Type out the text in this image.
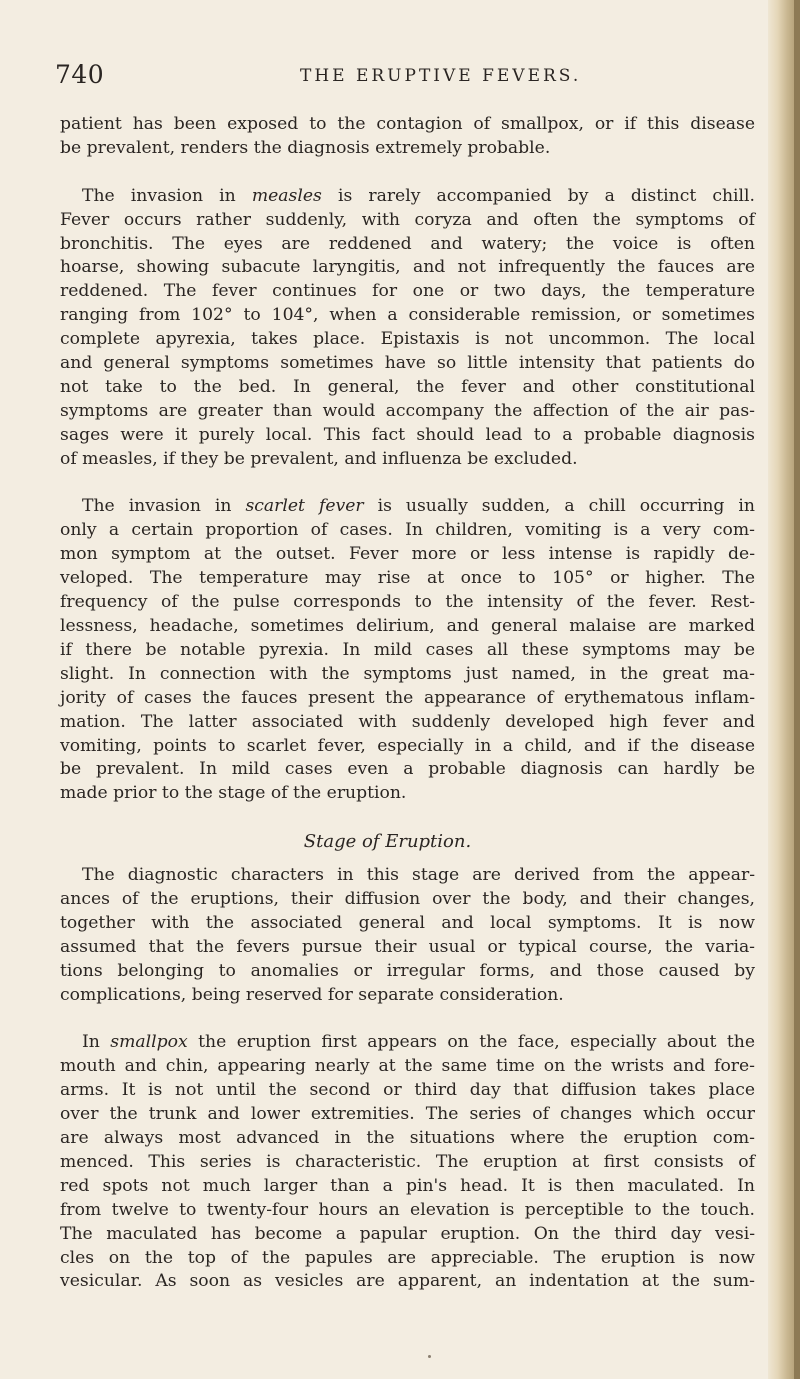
740	THE ERUPTIVE FEVERS.
patient has been exposed to the contagion of smallpox, or if this disease
be prevalent, renders the diagnosis extremely probable.
The invasion in measles is rarely accompanied by a distinct chill.
Fever occurs rather suddenly, with coryza and often the symptoms of
bronchitis. The eyes are reddened and watery; the voice is often
hoarse, showing subacute laryngitis, and not infrequently the fauces are
reddened. The fever continues for one or two days, the temperature
ranging from 102° to 104°, when a considerable remission, or sometimes
complete apyrexia, takes place. Epistaxis is not uncommon. The local
and general symptoms sometimes have so little intensity that patients do
not take to the bed. In general, the fever and other constitutional
symptoms are greater than would accompany the affection of the air pas-
sages were it purely local. This fact should lead to a probable diagnosis
of measles, if they be prevalent, and influenza be excluded.
The invasion in scarlet fever is usually sudden, a chill occurring in
only a certain proportion of cases. In children, vomiting is a very com-
mon symptom at the outset. Fever more or less intense is rapidly de-
veloped. The temperature may rise at once to 105° or higher. The
frequency of the pulse corresponds to the intensity of the fever. Rest-
lessness, headache, sometimes delirium, and general malaise are marked
if there be notable pyrexia. In mild cases all these symptoms may be
slight. In connection with the symptoms just named, in the great ma-
jority of cases the fauces present the appearance of erythematous inflam-
mation. The latter associated with suddenly developed high fever and
vomiting, points to scarlet fever, especially in a child, and if the disease
be prevalent. In mild cases even a probable diagnosis can hardly be
made prior to the stage of the eruption.
Stage of Eruption.
The diagnostic characters in this stage are derived from the appear-
ances of the eruptions, their diffusion over the body, and their changes,
together with the associated general and local symptoms. It is now
assumed that the fevers pursue their usual or typical course, the varia-
tions belonging to anomalies or irregular forms, and those caused by
complications, being reserved for separate consideration.
In smallpox the eruption first appears on the face, especially about the
mouth and chin, appearing nearly at the same time on the wrists and fore-
arms. It is not until the second or third day that diffusion takes place
over the trunk and lower extremities. The series of changes which occur
are always most advanced in the situations where the eruption com-
menced. This series is characteristic. The eruption at first consists of
red spots not much larger than a pin's head. It is then maculated. In
from twelve to twenty-four hours an elevation is perceptible to the touch.
The maculated has become a papular eruption. On the third day vesi-
cles on the top of the papules are appreciable. The eruption is now
vesicular. As soon as vesicles are apparent, an indentation at the sum-
